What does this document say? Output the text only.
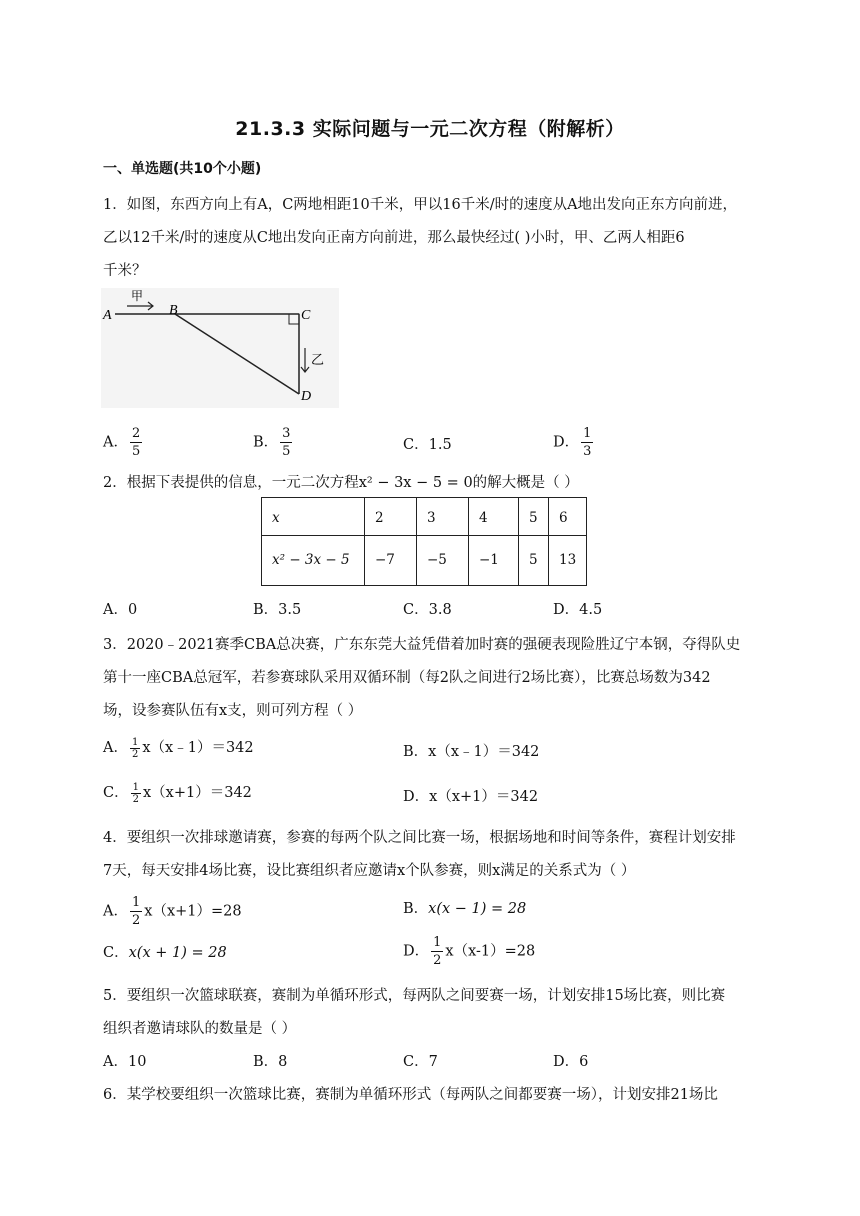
21.3.3 实际问题与一元二次方程（附解析）
一、单选题(共10个小题)
1．如图，东西方向上有A，C两地相距10千米，甲以16千米/时的速度从A地出发向正东方向前进，
乙以12千米/时的速度从C地出发向正南方向前进，那么最快经过( )小时，甲、乙两人相距6
千米？
A	B	C
D
甲
乙
A． $\frac{2}{5}$	B． $\frac{3}{5}$	C．1.5	D． $\frac{1}{3}$
2．根据下表提供的信息，一元二次方程x² − 3x − 5 = 0的解大概是（ ）
x	2	3	4	5	6
x² − 3x − 5	−7	−5	−1	5	13
A．0	B．3.5	C．3.8	D．4.5
3．2020﹣2021赛季CBA总决赛，广东东莞大益凭借着加时赛的强硬表现险胜辽宁本钢，夺得队史
第十一座CBA总冠军，若参赛球队采用双循环制（每2队之间进行2场比赛），比赛总场数为342
场，设参赛队伍有x支，则可列方程（ ）
A． $\frac{1}{2}$ x（x﹣1）＝342	B．x（x﹣1）＝342
C． $\frac{1}{2} x(x+1)=342$	D．x（x+1）＝342
4．要组织一次排球邀请赛，参赛的每两个队之间比赛一场，根据场地和时间等条件，赛程计划安排
7天，每天安排4场比赛，设比赛组织者应邀请x个队参赛，则x满足的关系式为（ ）
A． $\frac{1}{2} x(x+1)=28$	B．x(x − 1) = 28
C．x(x + 1) = 28	D． $\frac{1}{2} x(x-1)=28$
5．要组织一次篮球联赛，赛制为单循环形式，每两队之间要赛一场，计划安排15场比赛，则比赛
组织者邀请球队的数量是（ ）
A．10	B．8	C．7	D．6
6．某学校要组织一次篮球比赛，赛制为单循环形式（每两队之间都要赛一场），计划安排21场比
